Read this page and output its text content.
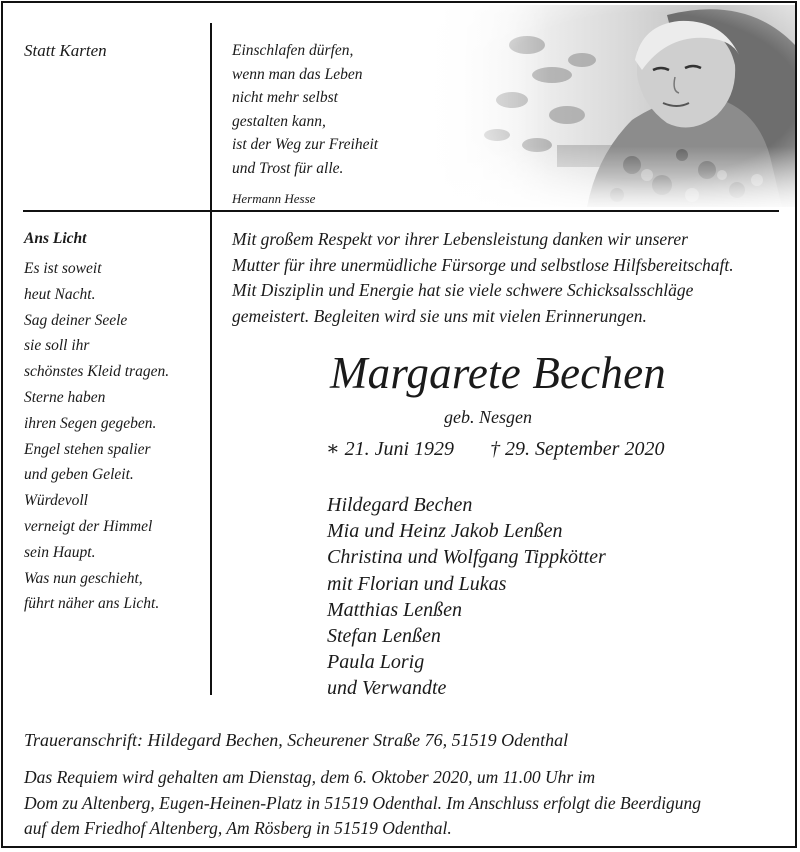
Statt Karten	Einschlafen dürfen,
wenn man das Leben
nicht mehr selbst
gestalten kann,
ist der Weg zur Freiheit
und Trost für alle.
Hermann Hesse
Ans Licht
Es ist soweit
heut Nacht.
Sag deiner Seele
sie soll ihr
schönstes Kleid tragen.
Sterne haben
ihren Segen gegeben.
Engel stehen spalier
und geben Geleit.
Würdevoll
verneigt der Himmel
sein Haupt.
Was nun geschieht,
führt näher ans Licht.
Mit großem Respekt vor ihrer Lebensleistung danken wir unserer
Mutter für ihre unermüdliche Fürsorge und selbstlose Hilfsbereitschaft.
Mit Disziplin und Energie hat sie viele schwere Schicksalsschläge
gemeistert. Begleiten wird sie uns mit vielen Erinnerungen.
Margarete Bechen
geb. Nesgen
∗ 21. Juni 1929 † 29. September 2020
Hildegard Bechen
Mia und Heinz Jakob Lenßen
Christina und Wolfgang Tippkötter
mit Florian und Lukas
Matthias Lenßen
Stefan Lenßen
Paula Lorig
und Verwandte
Traueranschrift: Hildegard Bechen, Scheurener Straße 76, 51519 Odenthal
Das Requiem wird gehalten am Dienstag, dem 6. Oktober 2020, um 11.00 Uhr im
Dom zu Altenberg, Eugen-Heinen-Platz in 51519 Odenthal. Im Anschluss erfolgt die Beerdigung
auf dem Friedhof Altenberg, Am Rösberg in 51519 Odenthal.
